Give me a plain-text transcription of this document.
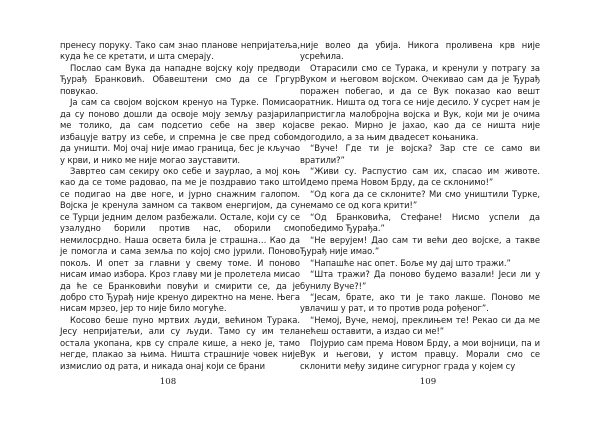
пренесу поруку. Тако сам знао планове непријатеља, куда ће се кретати, и шта смерају.

Послао сам Вука да нападне војску коју предводи Ђурађ Бранковић. Обавештени смо да се Гргур повукао.

Ја сам са својом војском кренуо на Турке. Помисао да су поново дошли да освоје моју земљу разјарила ме толико, да сам подсетио себе на звер која избацује ватру из себе, и спремна је све пред собом да уништи. Мој очај није имао граница, бес је кључао у крви, и нико ме није могао зауставити.

Завртео сам секиру око себе и заурлао, а мој коњ као да се томе радовао, па ме је поздравио тако што се подигао на две ноге, и јурно снажним галопом. Војска је кренула замном са таквом енергијом, да су се Турци једним делом разбежали. Остале, који су се узалудно борили против нас, оборили смо немилосрдно. Наша освета била је страшна… Као да је помогла и сама земља по којој смо јурили. Поново покољ. И опет за главни у свему томе. И поново нисам имао избора. Кроз главу ми је пролетела мисао да ће се Бранковићи повући и смирити се, да је добро сто Ђурађ није кренуо директно на мене. Њега нисам мрзео, јер то није било могуће.

Косово беше пуно мртвих људи, већином Турака. Јесу непријатељи, али су људи. Тамо су им тела остала укопана, крв су спрале кише, а неко је, тамо негде, плакао за њима. Ништа страшније човек није измислио од рата, и никада онај који се брани

108

није волео да убија. Никога проливена крв није усрећила.

Отарасили смо се Турака, и кренули у потрагу за Вуком и његовом војском. Очекивао сам да је Ђурађ поражен побегао, и да се Вук показао као вешт ратник. Ништа од тога се није десило. У сусрет нам је пристигла малобројна војска и Вук, који ми је очима све рекао. Мирно је јахао, као да се ништа није догодило, а за њим двадесет коњаника.

“Вуче! Где ти је војска? Зар сте се само ви вратили?”

“Живи су. Распустио сам их, спасао им животе. Идемо према Новом Брду, да се склонимо!”

“Од кога да се склоните? Ми смо уништили Турке, немамо се од кога крити!”

“Од Бранковића, Стефане! Нисмо успели да победимо Ђурађа.”

“Не верујем! Дао сам ти већи део војске, а такве Ђурађ није имао.”

“Напашће нас опет. Боље му дај што тражи.”

“Шта тражи? Да поново будемо вазали! Јеси ли у бунилу Вуче?!”

“Јесам, брате, ако ти је тако лакше. Поново ме увлачиш у рат, и то против рода рођеног”.

“Немој, Вуче, немој, преклињем те! Рекао си да ме нећеш оставити, а издао си ме!”

Појурио сам према Новом Брду, а мои војници, па и Вук и његови, у истом правцу. Морали смо се склонити међу зидине сигурног града у којем су

109
